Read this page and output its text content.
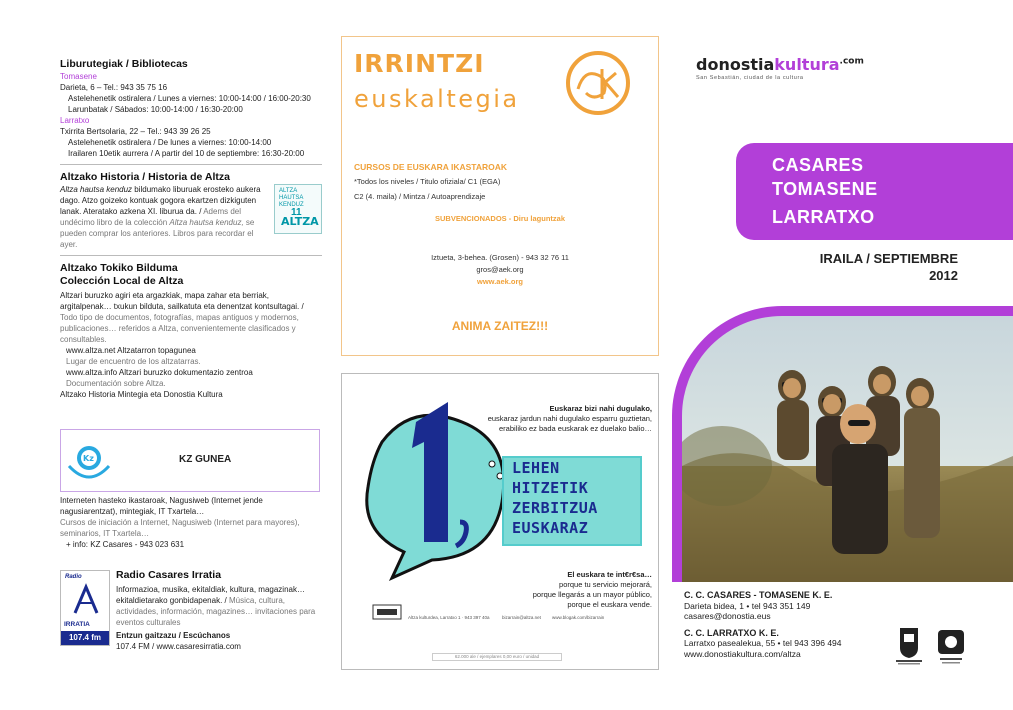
Liburutegiak / Bibliotecas
Tomasene
Darieta, 6 – Tel.: 943 35 75 16
Astelehenetik ostiralera / Lunes a viernes: 10:00-14:00 / 16:00-20:30
Larunbatak / Sábados: 10:00-14:00 / 16:30-20:00
Larratxo
Txirrita Bertsolaria, 22 – Tel.: 943 39 26 25
Astelehenetik ostiralera / De lunes a viernes: 10:00-14:00
Irailaren 10etik aurrera / A partir del 10 de septiembre: 16:30-20:00
Altzako Historia / Historia de Altza
Altza hautsa kenduz bildumako liburuak erosteko aukera dago. Atzo goizeko kontuak gogora ekartzen dizkiguten lanak. Ateratako azkena XI. liburua da. / Adems del undécimo libro de la colección Altza hautsa kenduz, se pueden comprar los anteriores. Libros para recordar el ayer.
ALTZA HAUTSA KENDUZ
11
ALTZA
Altzako Tokiko Bilduma
Colección Local de Altza
Altzari buruzko agiri eta argazkiak, mapa zahar eta berriak, argitalpenak… txukun bilduta, sailkatuta eta denentzat kontsultagai. / Todo tipo de documentos, fotografías, mapas antiguos y modernos, publicaciones… referidos a Altza, convenientemente clasificados y consultables.
www.altza.net Altzatarron topagunea
Lugar de encuentro de los altzatarras.
www.altza.info Altzari buruzko dokumentazio zentroa
Documentación sobre Altza.
Altzako Historia Mintegia eta Donostia Kultura
Kz	KZ GUNEA
Interneten hasteko ikastaroak, Nagusiweb (Internet jende nagusiarentzat), mintegiak, IT Txartela…
Cursos de iniciación a Internet, Nagusiweb (Internet para mayores), seminarios, IT Txartela…
+ info: KZ Casares - 943 023 631
Radio
IRRATIA
107.4 fm
Radio Casares Irratia
Informazioa, musika, ekitaldiak, kultura, magazinak… ekitaldietarako gonbidapenak. / Música, cultura, actividades, información, magazines… invitaciones para eventos culturales
Entzun gaitzazu / Escúchanos
107.4 FM / www.casaresirratia.com
IRRINTZI
euskaltegia
CURSOS DE EUSKARA IKASTAROAK
*Todos los niveles / Titulo ofiziala/ C1 (EGA)
C2 (4. maila) / Mintza / Autoaprendizaje
SUBVENCIONADOS - Diru laguntzak
Iztueta, 3-behea. (Grosen) - 943 32 76 11
gros@aek.org
www.aek.org
ANIMA ZAITEZ!!!
Euskaraz bizi nahi dugulako,
euskaraz jardun nahi dugulako esparru guztietan,
erabiliko ez bada euskarak ez duelako balio…
LEHEN
HITZETIK
ZERBITZUA
EUSKARAZ
El euskara te int€r€sa…
porque tu servicio mejorará,
porque llegarás a un mayor público,
porque el euskara vende.
Altza kulturdea, Larratxo 1 · 943 397 40a	bizarrain@altza.net www.blogak.com/bizarrain
62.000 ale / ejemplares 0,00 euro / unidad
donostiakultura$^{.com}$
San Sebastián, ciudad de la cultura
CASARES
TOMASENE
LARRATXO
IRAILA / SEPTIEMBRE
2012
C. C. CASARES - TOMASENE K. E.
Darieta bidea, 1 • tel 943 351 149
casares@donostia.eus
C. C. LARRATXO K. E.
Larratxo pasealekua, 55 • tel 943 396 494
www.donostiakultura.com/altza
